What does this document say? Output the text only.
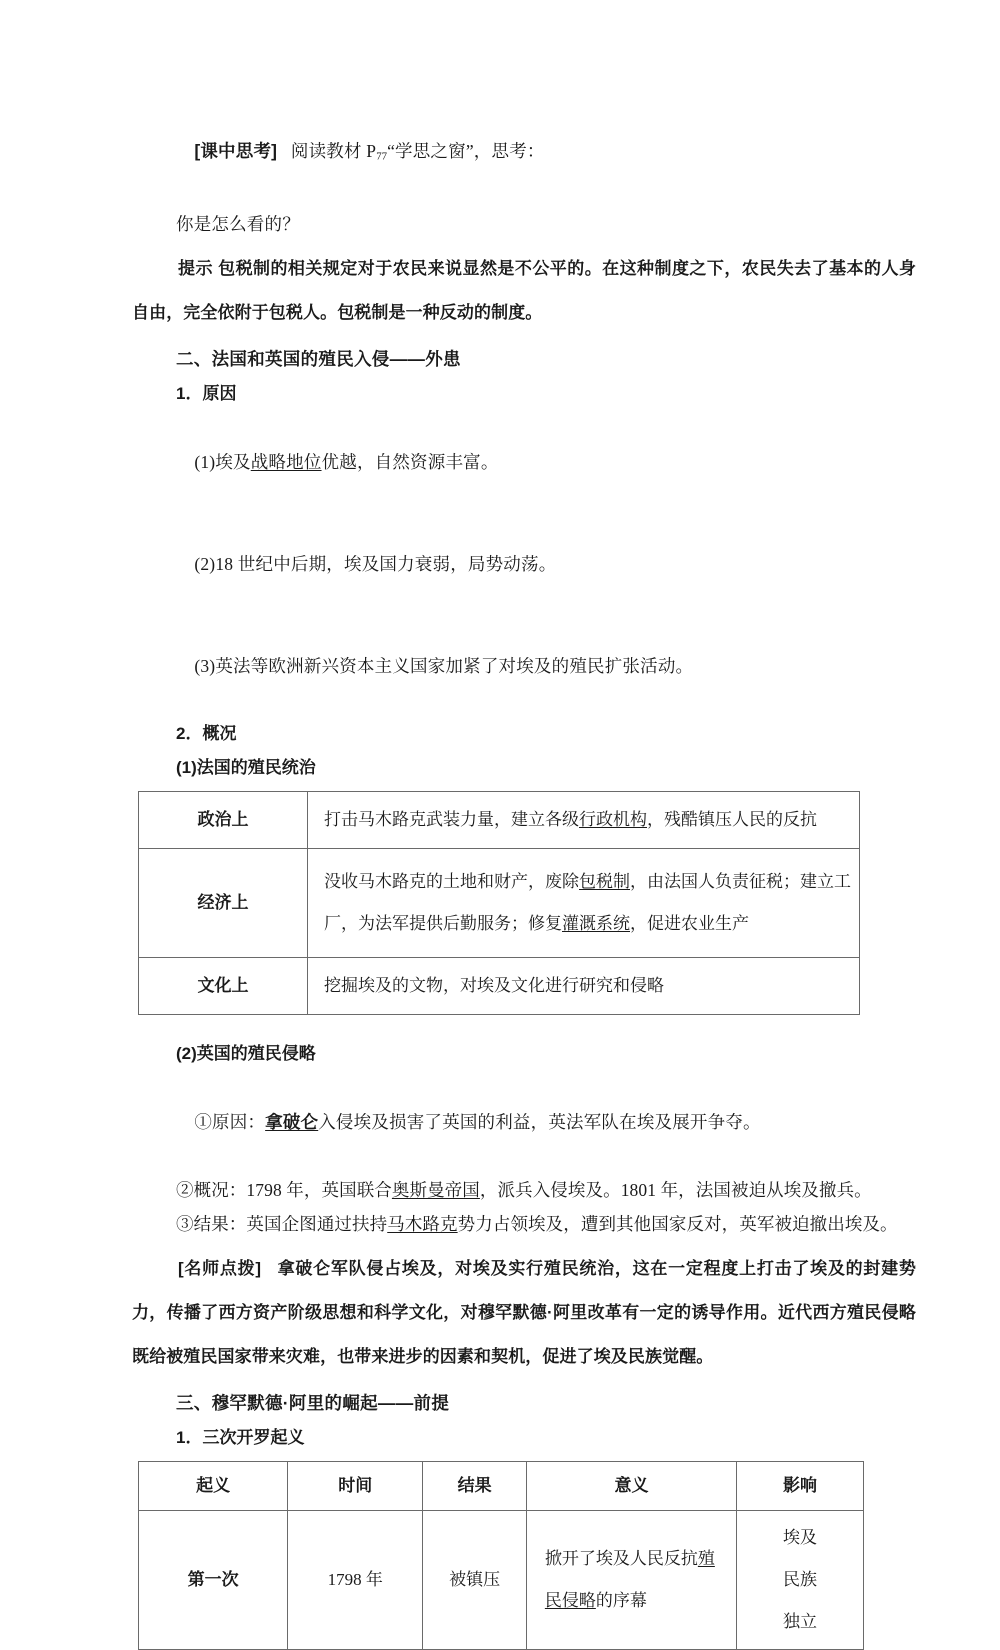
[课中思考] 阅读教材 $P_{77}“$学思之窗”，思考：

你是怎么看的？
提示 包税制的相关规定对于农民来说显然是不公平的。在这种制度之下，农民失去了基本的人身自由，完全依附于包税人。包税制是一种反动的制度。
二、法国和英国的殖民入侵——外患
1．原因

(1)埃及战略地位优越，自然资源丰富。

(2)18 世纪中后期，埃及国力衰弱，局势动荡。

(3)英法等欧洲新兴资本主义国家加紧了对埃及的殖民扩张活动。

2．概况
(1)法国的殖民统治
政治上	打击马木路克武装力量，建立各级行政机构，残酷镇压人民的反抗
经济上	没收马木路克的土地和财产，废除包税制，由法国人负责征税；建立工厂，为法军提供后勤服务；修复灌溉系统，促进农业生产
文化上	挖掘埃及的文物，对埃及文化进行研究和侵略
(2)英国的殖民侵略

①原因：拿破仑入侵埃及损害了英国的利益，英法军队在埃及展开争夺。

②概况：1798 年，英国联合奥斯曼帝国，派兵入侵埃及。1801 年，法国被迫从埃及撤兵。
③结果：英国企图通过扶持马木路克势力占领埃及，遭到其他国家反对，英军被迫撤出埃及。
[名师点拨] 拿破仑军队侵占埃及，对埃及实行殖民统治，这在一定程度上打击了埃及的封建势力，传播了西方资产阶级思想和科学文化，对穆罕默德·阿里改革有一定的诱导作用。近代西方殖民侵略既给被殖民国家带来灾难，也带来进步的因素和契机，促进了埃及民族觉醒。
三、穆罕默德·阿里的崛起——前提
1．三次开罗起义
起义	时间	结果	意义	影响
第一次	1798 年	被镇压	掀开了埃及人民反抗殖民侵略的序幕	埃及
民族
独立
